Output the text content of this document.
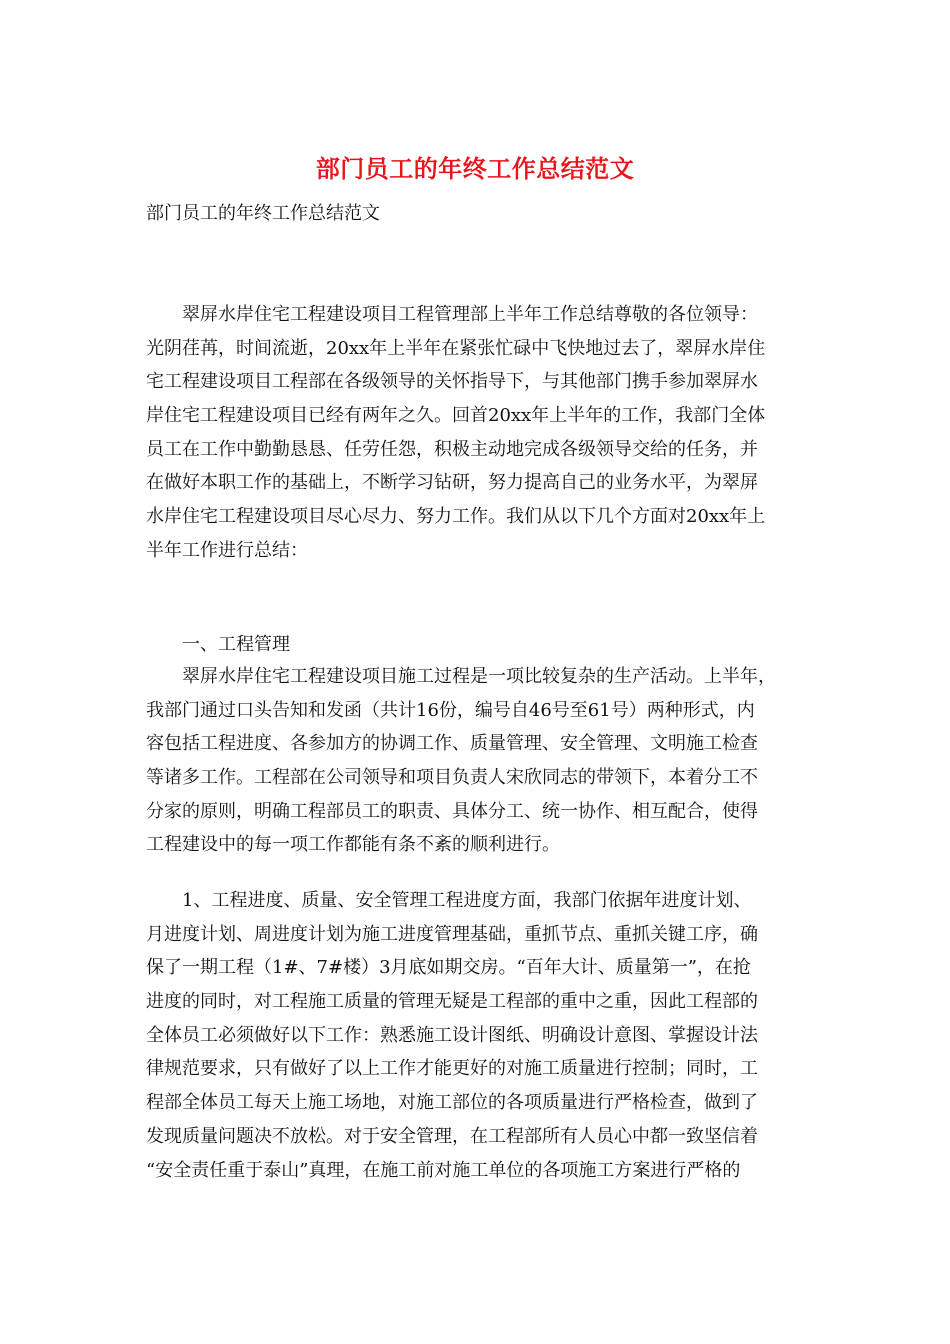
部门员工的年终工作总结范文
部门员工的年终工作总结范文
　　翠屏水岸住宅工程建设项目工程管理部上半年工作总结尊敬的各位领导：
光阴荏苒，时间流逝，20xx年上半年在紧张忙碌中飞快地过去了，翠屏水岸住
宅工程建设项目工程部在各级领导的关怀指导下，与其他部门携手参加翠屏水
岸住宅工程建设项目已经有两年之久。回首20xx年上半年的工作，我部门全体
员工在工作中勤勤恳恳、任劳任怨，积极主动地完成各级领导交给的任务，并
在做好本职工作的基础上，不断学习钻研，努力提高自己的业务水平，为翠屏
水岸住宅工程建设项目尽心尽力、努力工作。我们从以下几个方面对20xx年上
半年工作进行总结：
　　一、工程管理
　　翠屏水岸住宅工程建设项目施工过程是一项比较复杂的生产活动。上半年，
我部门通过口头告知和发函（共计16份，编号自46号至61号）两种形式，内
容包括工程进度、各参加方的协调工作、质量管理、安全管理、文明施工检查
等诸多工作。工程部在公司领导和项目负责人宋欣同志的带领下，本着分工不
分家的原则，明确工程部员工的职责、具体分工、统一协作、相互配合，使得
工程建设中的每一项工作都能有条不紊的顺利进行。
　　1、工程进度、质量、安全管理工程进度方面，我部门依据年进度计划、
月进度计划、周进度计划为施工进度管理基础，重抓节点、重抓关键工序，确
保了一期工程（1#、7#楼）3月底如期交房。“百年大计、质量第一”，在抢
进度的同时，对工程施工质量的管理无疑是工程部的重中之重，因此工程部的
全体员工必须做好以下工作：熟悉施工设计图纸、明确设计意图、掌握设计法
律规范要求，只有做好了以上工作才能更好的对施工质量进行控制；同时，工
程部全体员工每天上施工场地，对施工部位的各项质量进行严格检查，做到了
发现质量问题决不放松。对于安全管理，在工程部所有人员心中都一致坚信着
“安全责任重于泰山”真理，在施工前对施工单位的各项施工方案进行严格的
